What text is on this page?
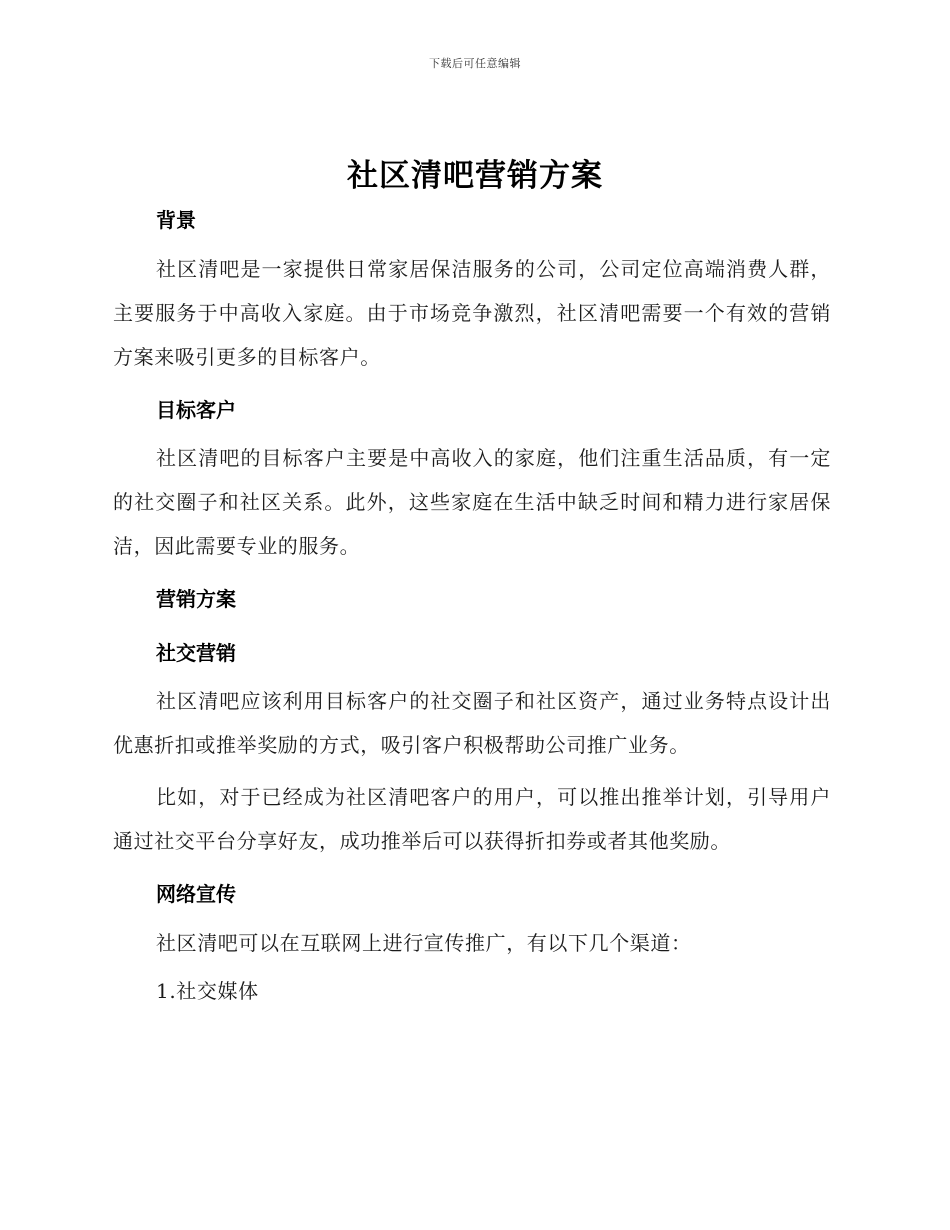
下载后可任意编辑
社区清吧营销方案
背景

社区清吧是一家提供日常家居保洁服务的公司，公司定位高端消费人群，主要服务于中高收入家庭。由于市场竞争激烈，社区清吧需要一个有效的营销方案来吸引更多的目标客户。

目标客户

社区清吧的目标客户主要是中高收入的家庭，他们注重生活品质，有一定的社交圈子和社区关系。此外，这些家庭在生活中缺乏时间和精力进行家居保洁，因此需要专业的服务。

营销方案
社交营销

社区清吧应该利用目标客户的社交圈子和社区资产，通过业务特点设计出优惠折扣或推举奖励的方式，吸引客户积极帮助公司推广业务。

比如，对于已经成为社区清吧客户的用户，可以推出推举计划，引导用户通过社交平台分享好友，成功推举后可以获得折扣券或者其他奖励。

网络宣传

社区清吧可以在互联网上进行宣传推广，有以下几个渠道：

1.社交媒体
